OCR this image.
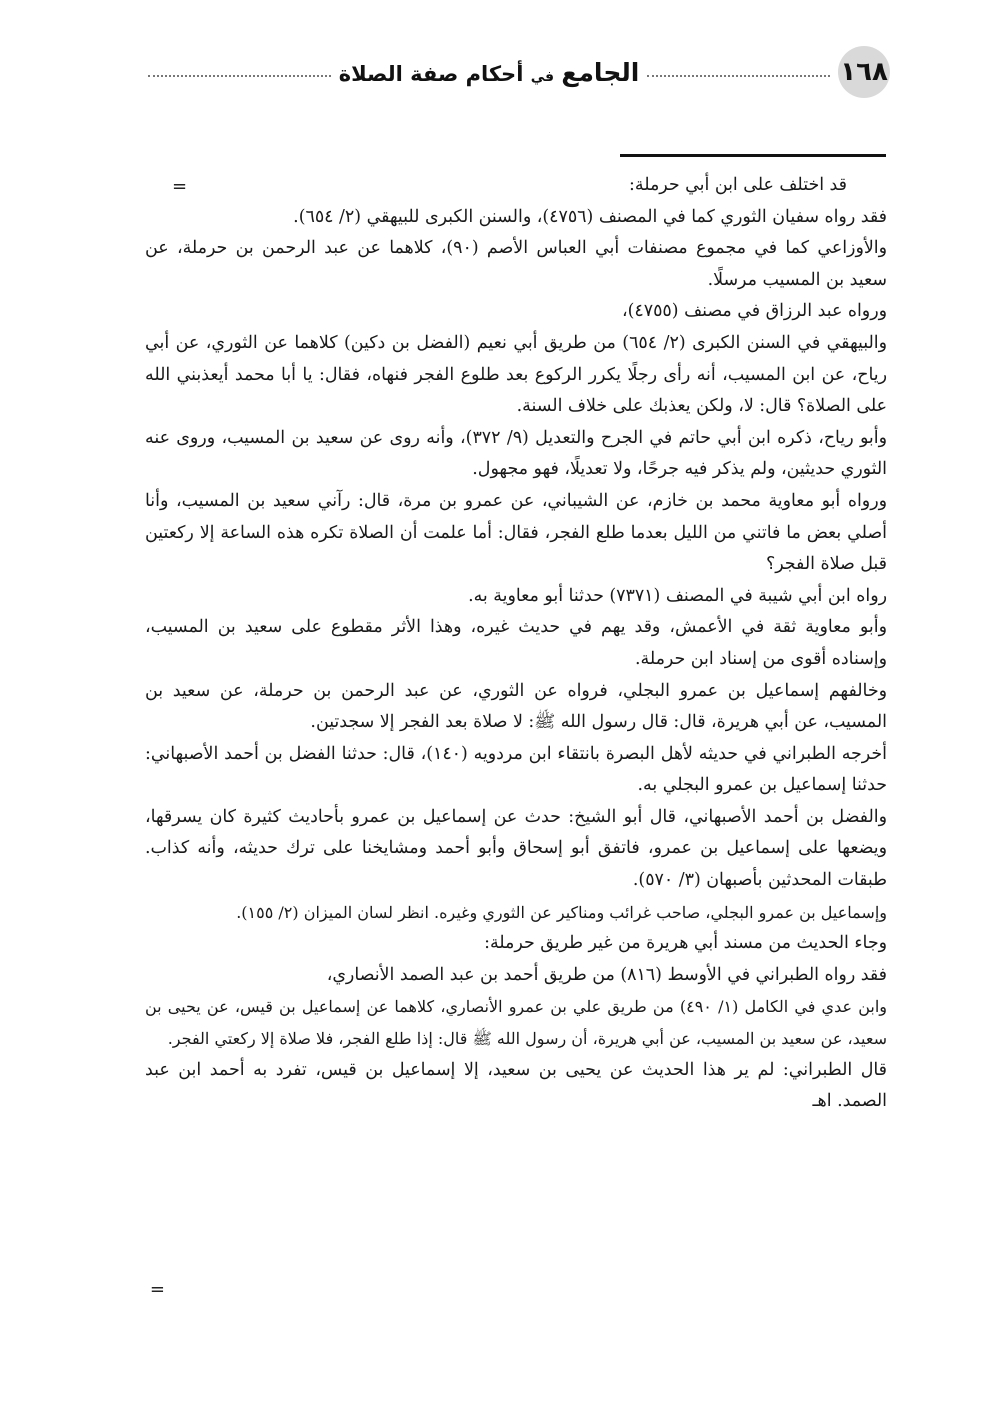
١٦٨
الجامع في أحكام صفة الصلاة
=	قد اختلف على ابن أبي حرملة:

فقد رواه سفيان الثوري كما في المصنف (٤٧٥٦)، والسنن الكبرى للبيهقي (٢/ ٦٥٤).

والأوزاعي كما في مجموع مصنفات أبي العباس الأصم (٩٠)، كلاهما عن عبد الرحمن بن حرملة، عن سعيد بن المسيب مرسلًا.

ورواه عبد الرزاق في مصنف (٤٧٥٥)،

والبيهقي في السنن الكبرى (٢/ ٦٥٤) من طريق أبي نعيم (الفضل بن دكين) كلاهما عن الثوري، عن أبي رياح، عن ابن المسيب، أنه رأى رجلًا يكرر الركوع بعد طلوع الفجر فنهاه، فقال: يا أبا محمد أيعذبني الله على الصلاة؟ قال: لا، ولكن يعذبك على خلاف السنة.

وأبو رياح، ذكره ابن أبي حاتم في الجرح والتعديل (٩/ ٣٧٢)، وأنه روى عن سعيد بن المسيب، وروى عنه الثوري حديثين، ولم يذكر فيه جرحًا، ولا تعديلًا، فهو مجهول.

ورواه أبو معاوية محمد بن خازم، عن الشيباني، عن عمرو بن مرة، قال: رآني سعيد بن المسيب، وأنا أصلي بعض ما فاتني من الليل بعدما طلع الفجر، فقال: أما علمت أن الصلاة تكره هذه الساعة إلا ركعتين قبل صلاة الفجر؟

رواه ابن أبي شيبة في المصنف (٧٣٧١) حدثنا أبو معاوية به.

وأبو معاوية ثقة في الأعمش، وقد يهم في حديث غيره، وهذا الأثر مقطوع على سعيد بن المسيب، وإسناده أقوى من إسناد ابن حرملة.

وخالفهم إسماعيل بن عمرو البجلي، فرواه عن الثوري، عن عبد الرحمن بن حرملة، عن سعيد بن المسيب، عن أبي هريرة، قال: قال رسول الله ﷺ: لا صلاة بعد الفجر إلا سجدتين.

أخرجه الطبراني في حديثه لأهل البصرة بانتقاء ابن مردويه (١٤٠)، قال: حدثنا الفضل بن أحمد الأصبهاني: حدثنا إسماعيل بن عمرو البجلي به.

والفضل بن أحمد الأصبهاني، قال أبو الشيخ: حدث عن إسماعيل بن عمرو بأحاديث كثيرة كان يسرقها، ويضعها على إسماعيل بن عمرو، فاتفق أبو إسحاق وأبو أحمد ومشايخنا على ترك حديثه، وأنه كذاب. طبقات المحدثين بأصبهان (٣/ ٥٧٠).

وإسماعيل بن عمرو البجلي، صاحب غرائب ومناكير عن الثوري وغيره. انظر لسان الميزان (٢/ ١٥٥).

وجاء الحديث من مسند أبي هريرة من غير طريق حرملة:

فقد رواه الطبراني في الأوسط (٨١٦) من طريق أحمد بن عبد الصمد الأنصاري،

وابن عدي في الكامل (١/ ٤٩٠) من طريق علي بن عمرو الأنصاري، كلاهما عن إسماعيل بن قيس، عن يحيى بن سعيد، عن سعيد بن المسيب، عن أبي هريرة، أن رسول الله ﷺ قال: إذا طلع الفجر، فلا صلاة إلا ركعتي الفجر.

قال الطبراني: لم ير هذا الحديث عن يحيى بن سعيد، إلا إسماعيل بن قيس، تفرد به أحمد ابن عبد الصمد. اهـ

=
